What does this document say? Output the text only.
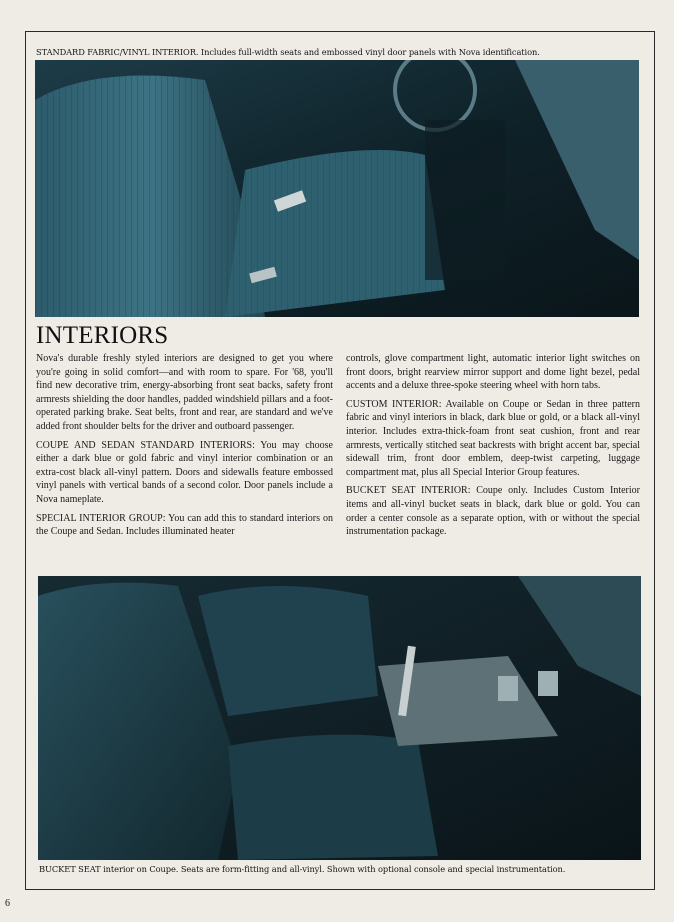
STANDARD FABRIC/VINYL INTERIOR. Includes full-width seats and embossed vinyl door panels with Nova identification.
INTERIORS

Nova's durable freshly styled interiors are designed to get you where you're going in solid comfort—and with room to spare. For '68, you'll find new decorative trim, energy-absorbing front seat backs, safety front armrests shielding the door handles, padded windshield pillars and a foot-operated parking brake. Seat belts, front and rear, are standard and we've added front shoulder belts for the driver and outboard passenger.

COUPE AND SEDAN STANDARD INTERIORS: You may choose either a dark blue or gold fabric and vinyl interior combination or an extra-cost black all-vinyl pattern. Doors and sidewalls feature embossed vinyl panels with vertical bands of a second color. Door panels include a Nova nameplate.

SPECIAL INTERIOR GROUP: You can add this to standard interiors on the Coupe and Sedan. Includes illuminated heater

controls, glove compartment light, automatic interior light switches on front doors, bright rearview mirror support and dome light bezel, pedal accents and a deluxe three-spoke steering wheel with horn tabs.

CUSTOM INTERIOR: Available on Coupe or Sedan in three pattern fabric and vinyl interiors in black, dark blue or gold, or a black all-vinyl interior. Includes extra-thick-foam front seat cushion, front and rear armrests, vertically stitched seat backrests with bright accent bar, special sidewall trim, front door emblem, deep-twist carpeting, luggage compartment mat, plus all Special Interior Group features.

BUCKET SEAT INTERIOR: Coupe only. Includes Custom Interior items and all-vinyl bucket seats in black, dark blue or gold. You can order a center console as a separate option, with or without the special instrumentation package.

BUCKET SEAT interior on Coupe. Seats are form-fitting and all-vinyl. Shown with optional console and special instrumentation.
6
